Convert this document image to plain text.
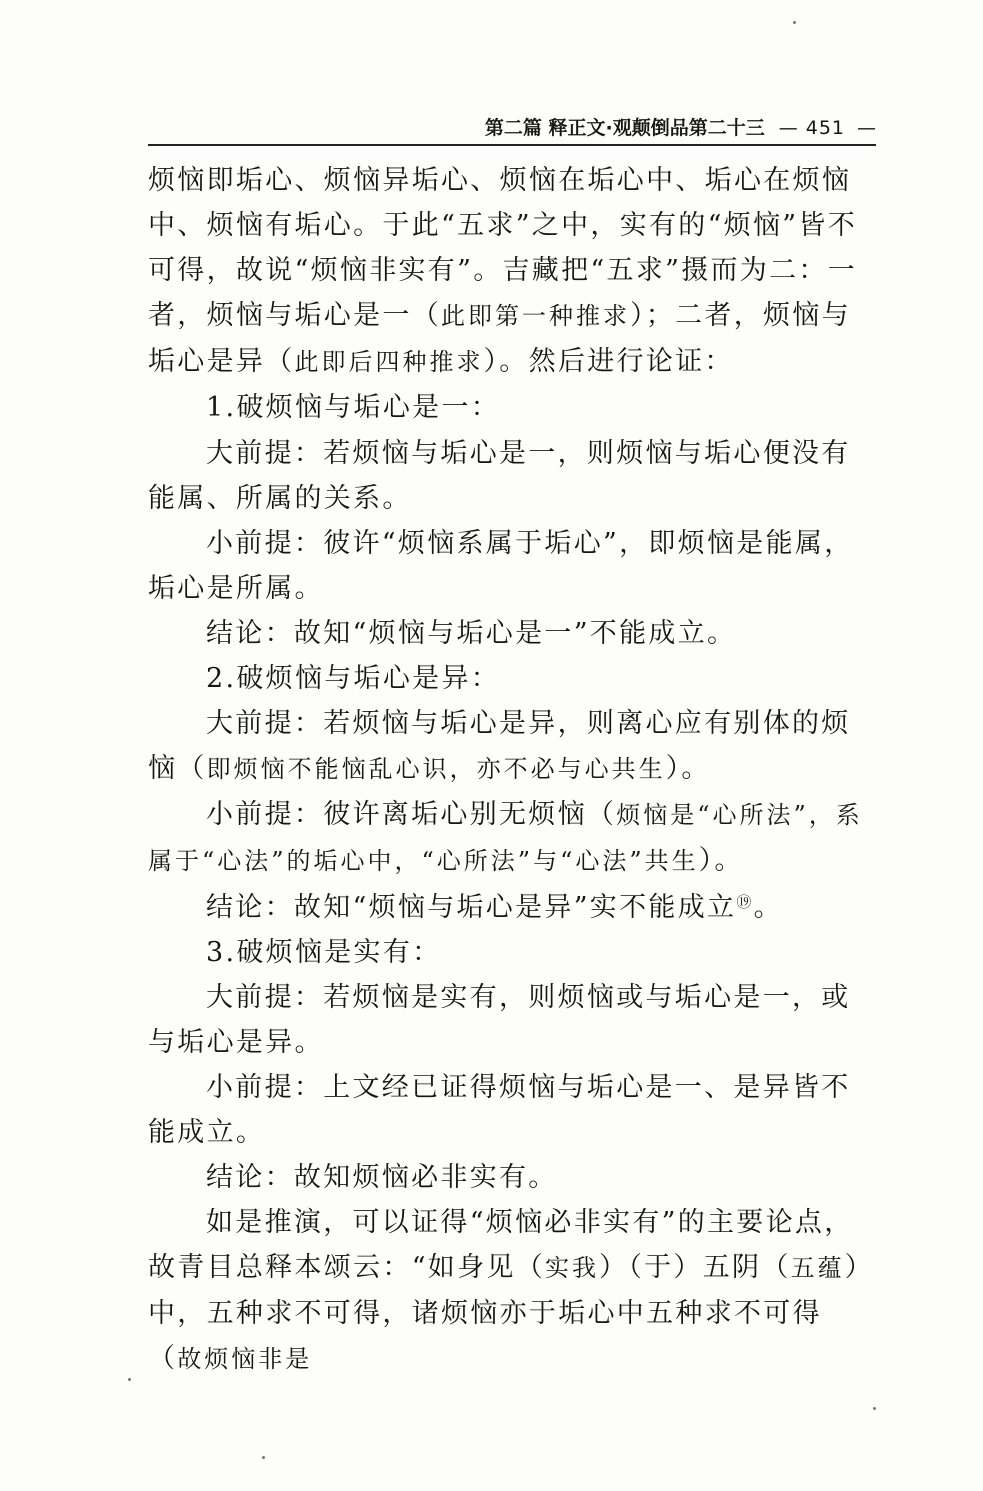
第二篇 释正文·观颠倒品第二十三 — 451 —

烦恼即垢心、烦恼异垢心、烦恼在垢心中、垢心在烦恼中、烦恼有垢心。于此“五求”之中，实有的“烦恼”皆不可得，故说“烦恼非实有”。吉藏把“五求”摄而为二：一者，烦恼与垢心是一（此即第一种推求）；二者，烦恼与垢心是异（此即后四种推求）。然后进行论证：

1.破烦恼与垢心是一：

大前提：若烦恼与垢心是一，则烦恼与垢心便没有能属、所属的关系。

小前提：彼许“烦恼系属于垢心”，即烦恼是能属，垢心是所属。

结论：故知“烦恼与垢心是一”不能成立。

2.破烦恼与垢心是异：

大前提：若烦恼与垢心是异，则离心应有别体的烦恼（即烦恼不能恼乱心识，亦不必与心共生）。

小前提：彼许离垢心别无烦恼（烦恼是“心所法”，系属于“心法”的垢心中，“心所法”与“心法”共生）。

结论：故知“烦恼与垢心是异”实不能成立⑲。

3.破烦恼是实有：

大前提：若烦恼是实有，则烦恼或与垢心是一，或与垢心是异。

小前提：上文经已证得烦恼与垢心是一、是异皆不能成立。

结论：故知烦恼必非实有。

如是推演，可以证得“烦恼必非实有”的主要论点，故青目总释本颂云：“如身见（实我）（于）五阴（五蕴）中，五种求不可得，诸烦恼亦于垢心中五种求不可得（故烦恼非是
